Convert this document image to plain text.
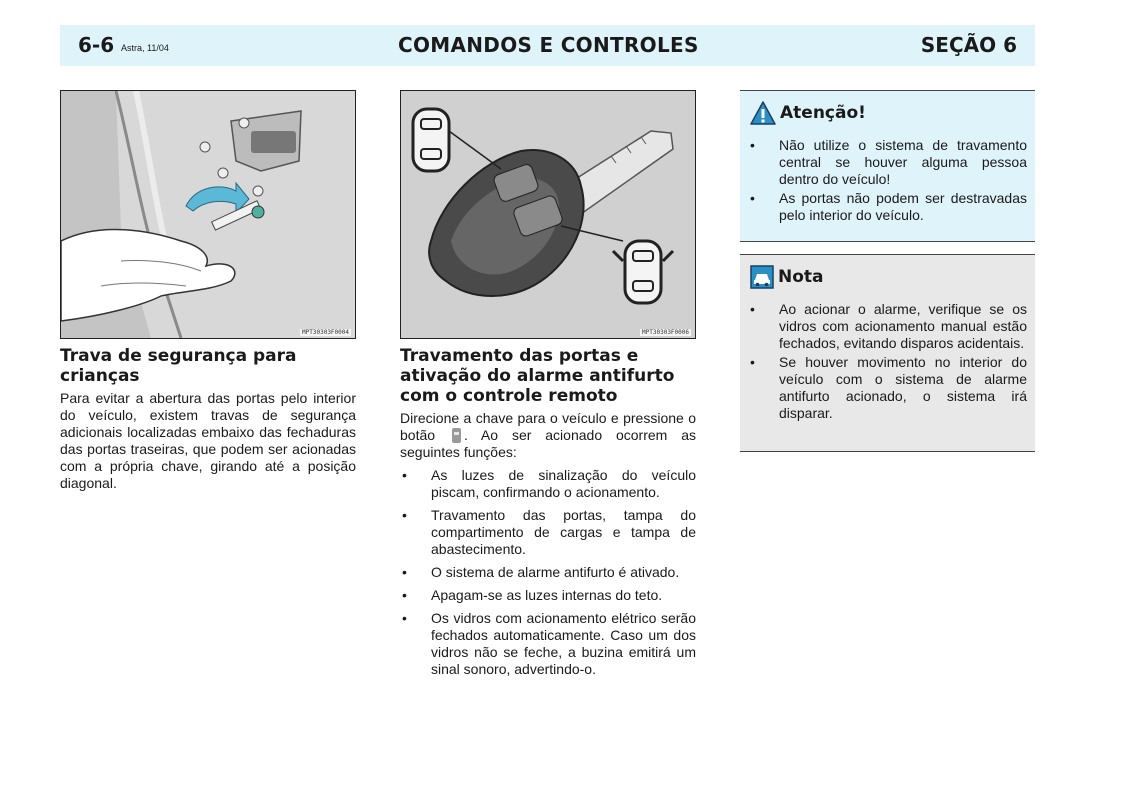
6-6 Astra, 11/04	COMANDOS E CONTROLES	SEÇÃO 6
MPT30303F0004	MPT30303F0006
Trava de segurança para crianças

Para evitar a abertura das portas pelo interior do veículo, existem travas de segurança adicionais localizadas embaixo das fechaduras das portas traseiras, que podem ser acionadas com a própria chave, girando até a posição diagonal.

Travamento das portas e ativação do alarme antifurto com o controle remoto

Direcione a chave para o veículo e pressione o botão . Ao ser acionado ocorrem as seguintes funções:

• As luzes de sinalização do veículo piscam, confirmando o acionamento.
• Travamento das portas, tampa do compartimento de cargas e tampa de abastecimento.
• O sistema de alarme antifurto é ativado.
• Apagam-se as luzes internas do teto.
• Os vidros com acionamento elétrico serão fechados automaticamente. Caso um dos vidros não se feche, a buzina emitirá um sinal sonoro, advertindo-o.
Atenção!
• Não utilize o sistema de travamento central se houver alguma pessoa dentro do veículo!
• As portas não podem ser destravadas pelo interior do veículo.
Nota
• Ao acionar o alarme, verifique se os vidros com acionamento manual estão fechados, evitando disparos acidentais.
• Se houver movimento no interior do veículo com o sistema de alarme antifurto acionado, o sistema irá disparar.
